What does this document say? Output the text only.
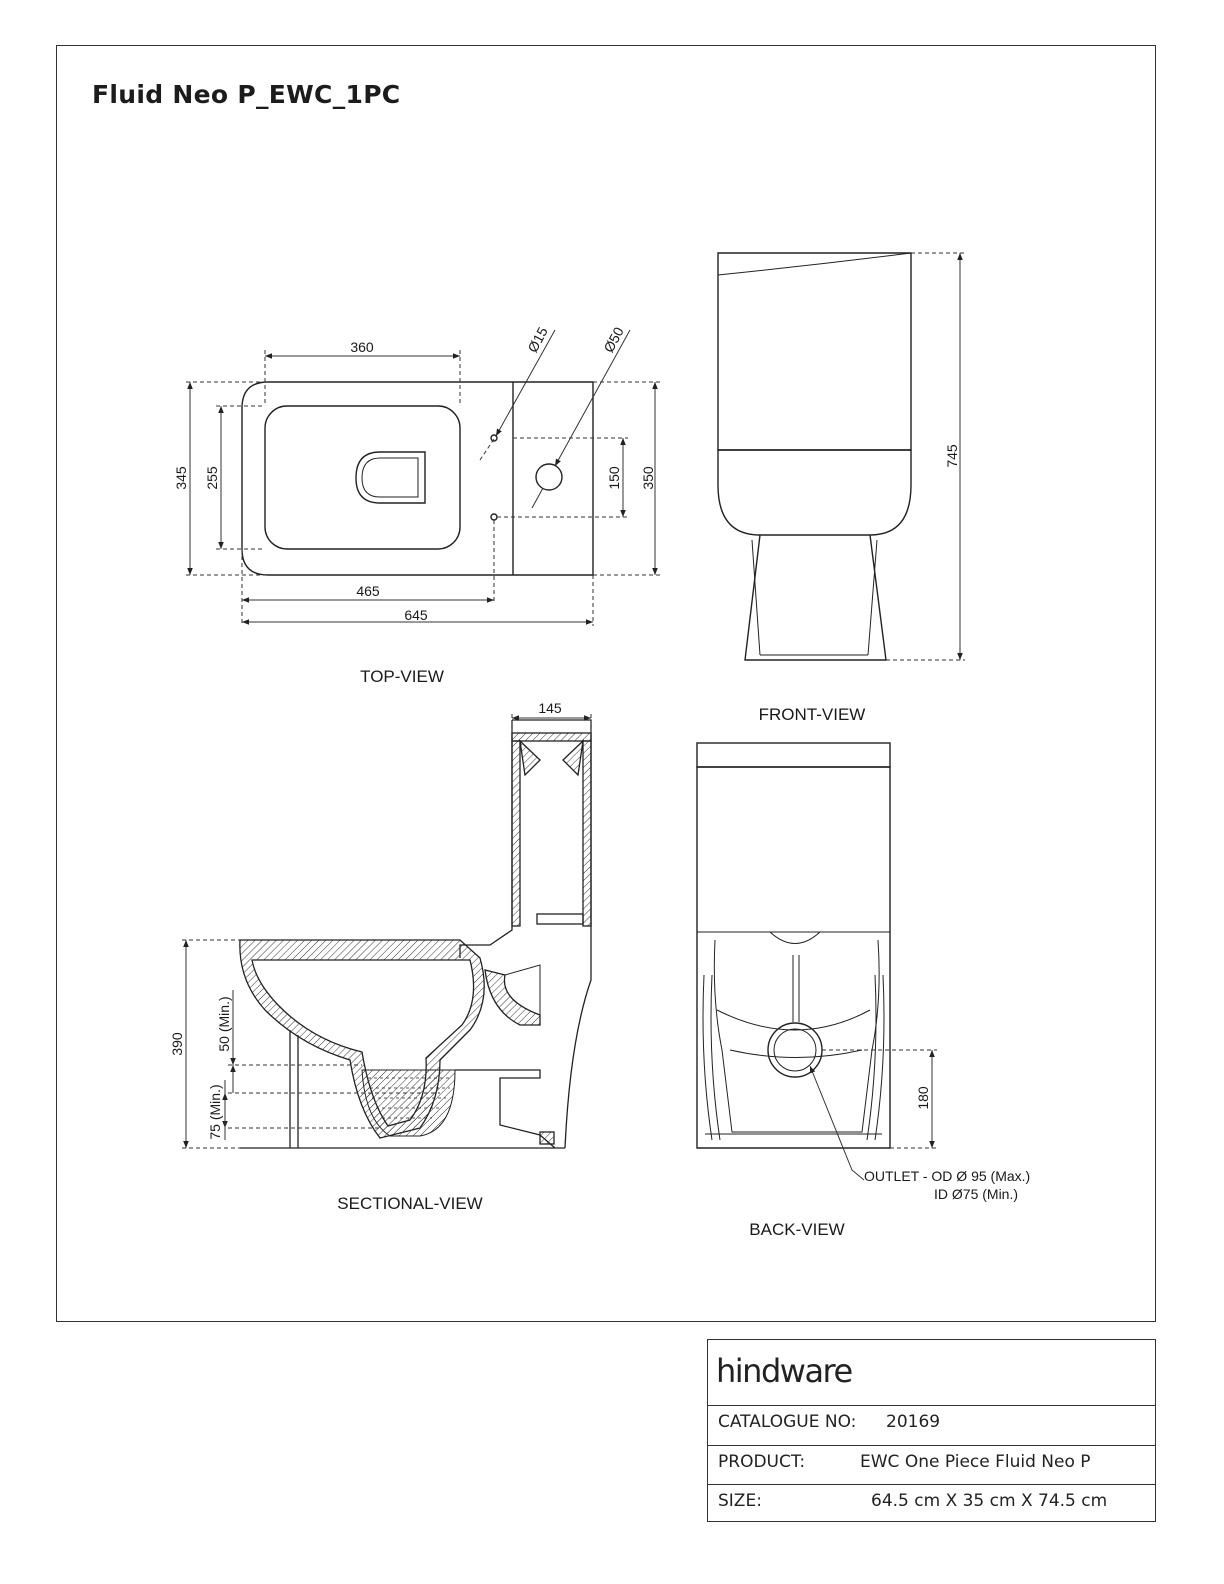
Fluid Neo P_EWC_1PC
360
465
645
345 255	150 350
Ø15	Ø50
TOP-VIEW
745
FRONT-VIEW
145
390 50 (Min.)
75 (Min.)
SECTIONAL-VIEW
180
OUTLET - OD Ø 95 (Max.)
ID Ø75 (Min.)
BACK-VIEW
hindware
CATALOGUE NO: 20169
PRODUCT:	EWC One Piece Fluid Neo P
SIZE:	64.5 cm X 35 cm X 74.5 cm
